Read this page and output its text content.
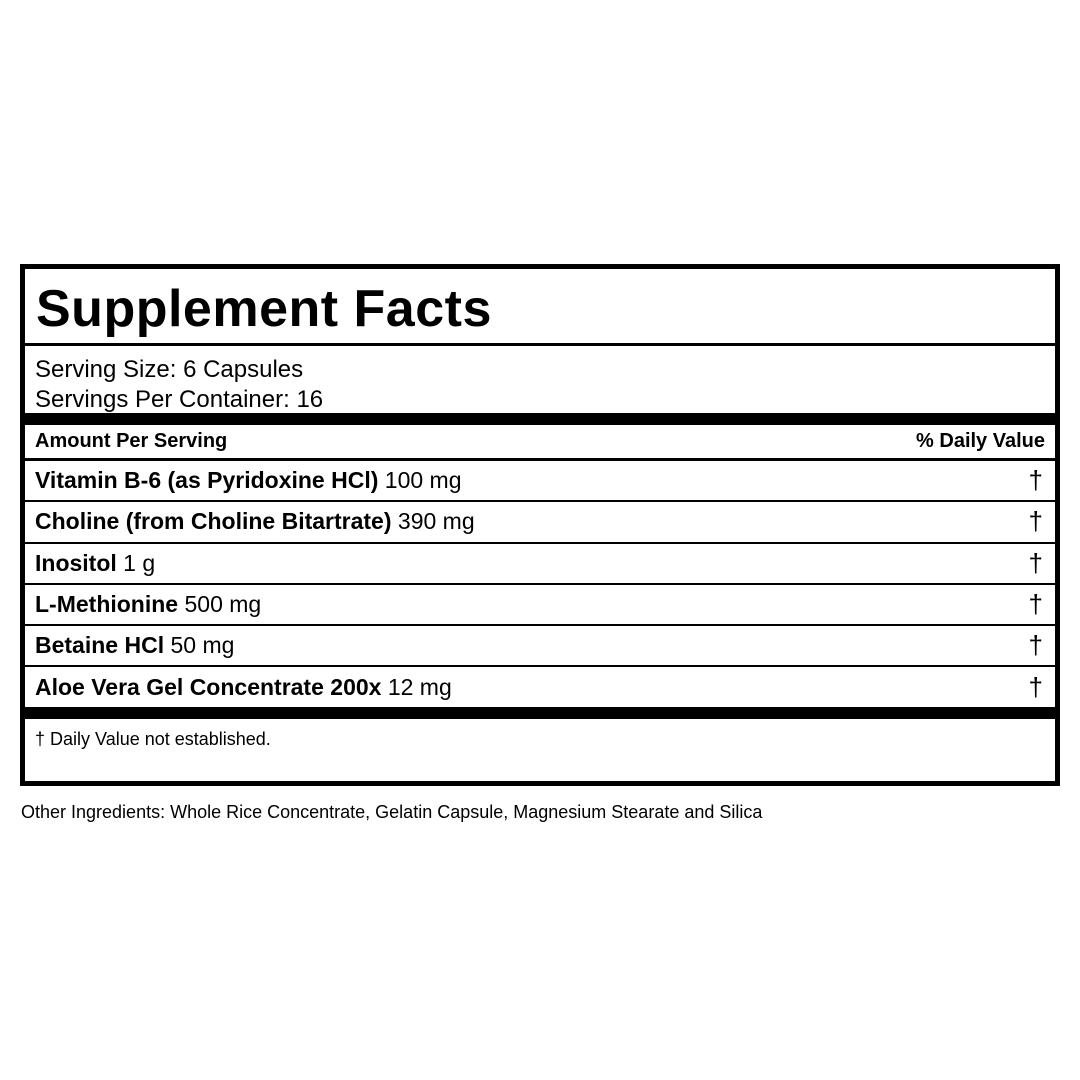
Supplement Facts
Serving Size: 6 Capsules
Servings Per Container: 16
Amount Per Serving	% Daily Value
Vitamin B-6 (as Pyridoxine HCl) 100 mg	†
Choline (from Choline Bitartrate) 390 mg	†
Inositol 1 g	†
L-Methionine 500 mg	†
Betaine HCl 50 mg	†
Aloe Vera Gel Concentrate 200x 12 mg	†
† Daily Value not established.
Other Ingredients: Whole Rice Concentrate, Gelatin Capsule, Magnesium Stearate and Silica
